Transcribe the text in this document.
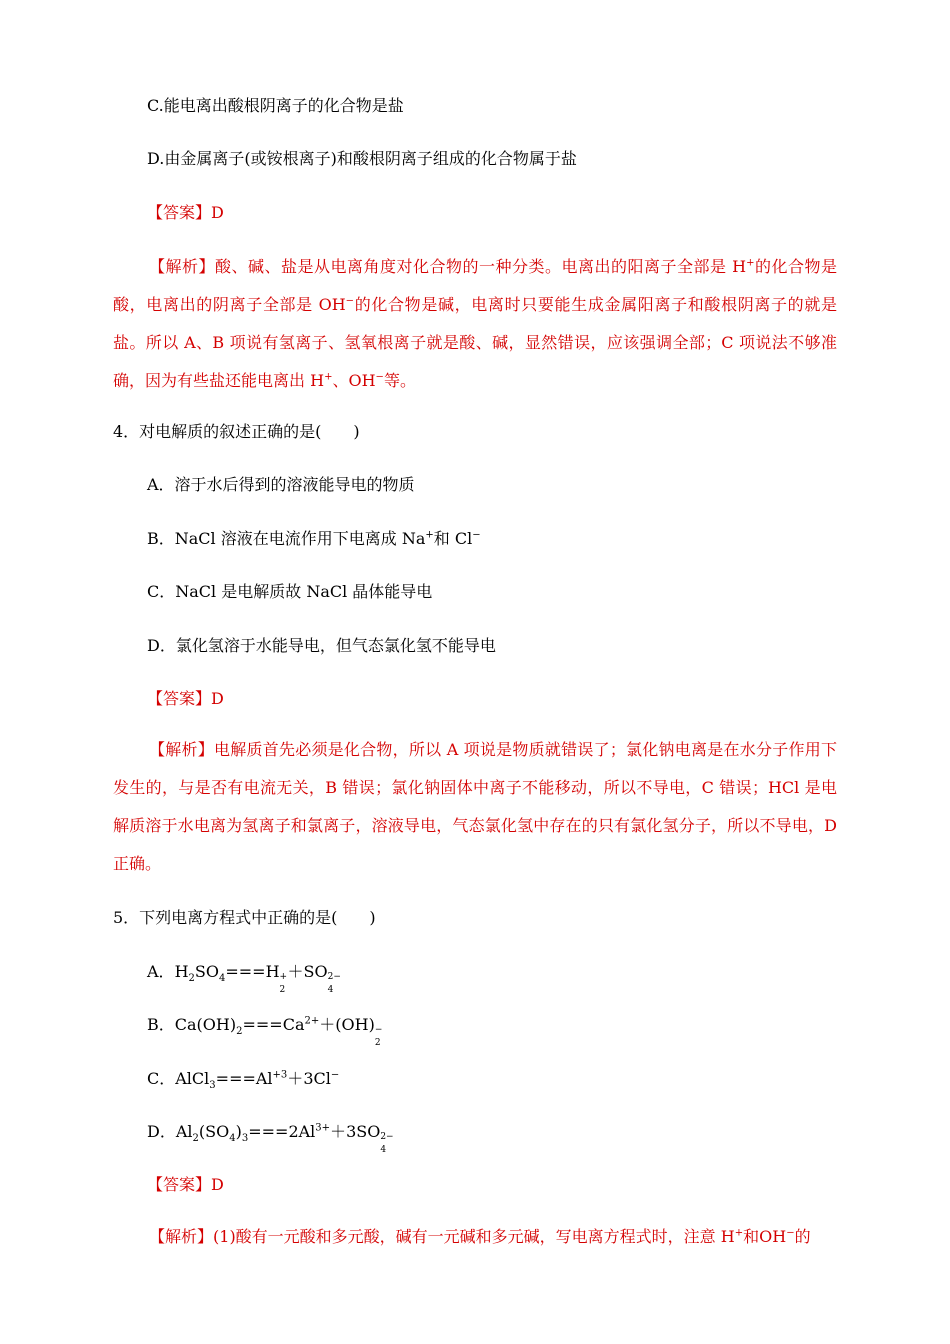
C.能电离出酸根阴离子的化合物是盐
D.由金属离子(或铵根离子)和酸根阴离子组成的化合物属于盐
【答案】D
【解析】酸、碱、盐是从电离角度对化合物的一种分类。电离出的阳离子全部是 H+的化合物是酸，电离出的阴离子全部是 OH−的化合物是碱，电离时只要能生成金属阳离子和酸根阴离子的就是盐。所以 A、B 项说有氢离子、氢氧根离子就是酸、碱，显然错误，应该强调全部；C 项说法不够准确，因为有些盐还能电离出 H+、OH−等。
4．对电解质的叙述正确的是(　　)
A．溶于水后得到的溶液能导电的物质
B．NaCl 溶液在电流作用下电离成 Na+和 Cl−
C．NaCl 是电解质故 NaCl 晶体能导电
D．氯化氢溶于水能导电，但气态氯化氢不能导电
【答案】D
【解析】电解质首先必须是化合物，所以 A 项说是物质就错误了；氯化钠电离是在水分子作用下发生的，与是否有电流无关，B 错误；氯化钠固体中离子不能移动，所以不导电，C 错误；HCl 是电解质溶于水电离为氢离子和氯离子，溶液导电，气态氯化氢中存在的只有氯化氢分子，所以不导电，D 正确。
5．下列电离方程式中正确的是(　　)
A．$H_2SO_4===H$ +
2
＋SO 2−
4
B．$Ca(OH)_2===Ca^{2+}+(OH)$ −
2
C．$AlCl_3===Al^{+3}+3Cl^-$
D．$Al_2(SO_4)_3===2Al^{3+}+3SO$ 2−
4
【答案】D
【解析】(1)酸有一元酸和多元酸，碱有一元碱和多元碱，写电离方程式时，注意 H+和OH−的
